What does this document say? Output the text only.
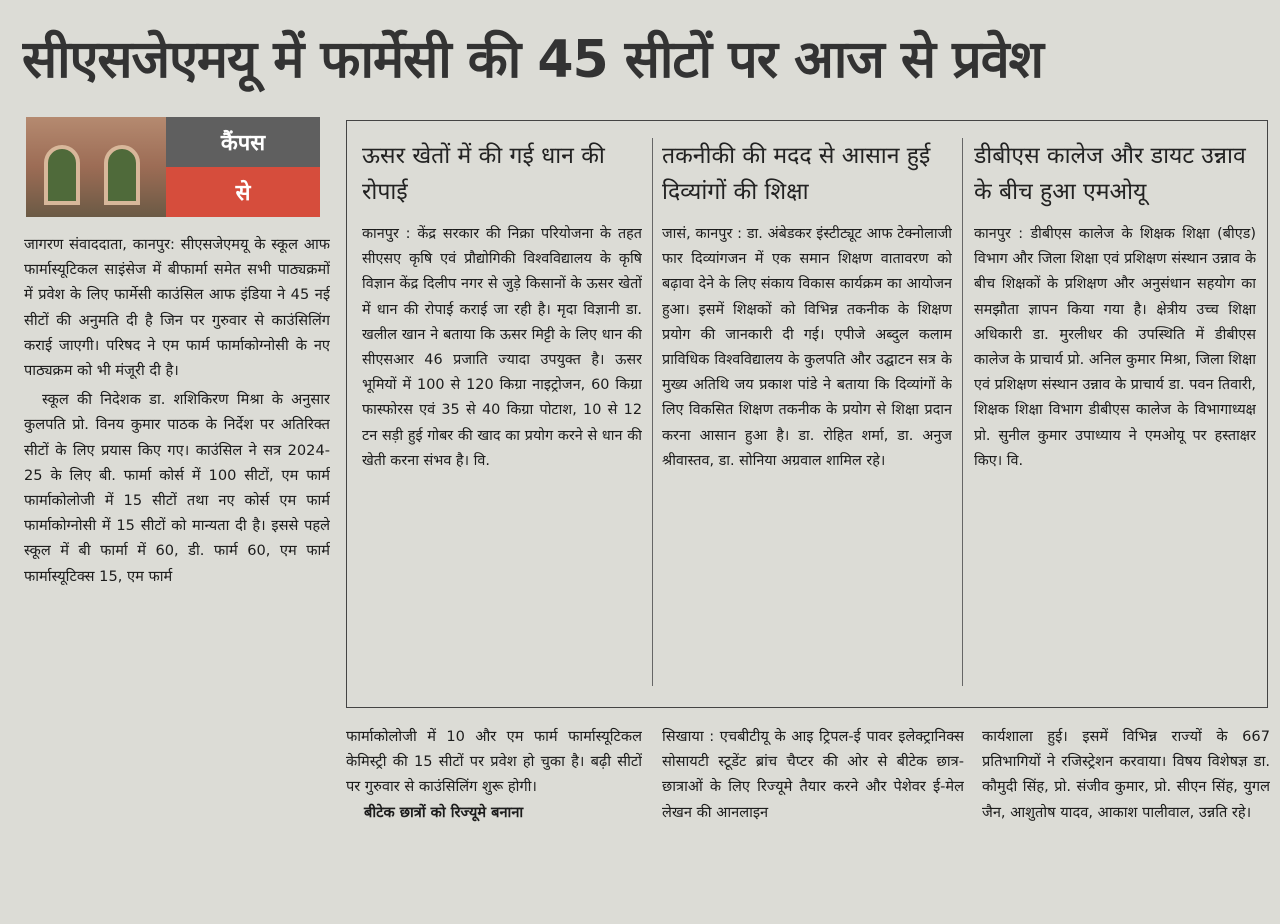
सीएसजेएमयू में फार्मेसी की 45 सीटों पर आज से प्रवेश
कैंपस
से

जागरण संवाददाता, कानपुर: सीएसजेएमयू के स्कूल आफ फार्मास्यूटिकल साइंसेज में बीफार्मा समेत सभी पाठ्यक्रमों में प्रवेश के लिए फार्मेसी काउंसिल आफ इंडिया ने 45 नई सीटों की अनुमति दी है जिन पर गुरुवार से काउंसिलिंग कराई जाएगी। परिषद ने एम फार्म फार्माकोग्नोसी के नए पाठ्यक्रम को भी मंजूरी दी है।

स्कूल की निदेशक डा. शशिकिरण मिश्रा के अनुसार कुलपति प्रो. विनय कुमार पाठक के निर्देश पर अतिरिक्त सीटों के लिए प्रयास किए गए। काउंसिल ने सत्र 2024-25 के लिए बी. फार्मा कोर्स में 100 सीटों, एम फार्म फार्माकोलोजी में 15 सीटों तथा नए कोर्स एम फार्म फार्माकोग्नोसी में 15 सीटों को मान्यता दी है। इससे पहले स्कूल में बी फार्मा में 60, डी. फार्म 60, एम फार्म फार्मास्यूटिक्स 15, एम फार्म

ऊसर खेतों में की गई धान की रोपाई

कानपुर : केंद्र सरकार की निक्रा परियोजना के तहत सीएसए कृषि एवं प्रौद्योगिकी विश्वविद्यालय के कृषि विज्ञान केंद्र दिलीप नगर से जुड़े किसानों के ऊसर खेतों में धान की रोपाई कराई जा रही है। मृदा विज्ञानी डा. खलील खान ने बताया कि ऊसर मिट्टी के लिए धान की सीएसआर 46 प्रजाति ज्यादा उपयुक्त है। ऊसर भूमियों में 100 से 120 किग्रा नाइट्रोजन, 60 किग्रा फास्फोरस एवं 35 से 40 किग्रा पोटाश, 10 से 12 टन सड़ी हुई गोबर की खाद का प्रयोग करने से धान की खेती करना संभव है। वि.

तकनीकी की मदद से आसान हुई दिव्यांगों की शिक्षा

जासं, कानपुर : डा. अंबेडकर इंस्टीट्यूट आफ टेक्नोलाजी फार दिव्यांगजन में एक समान शिक्षण वातावरण को बढ़ावा देने के लिए संकाय विकास कार्यक्रम का आयोजन हुआ। इसमें शिक्षकों को विभिन्न तकनीक के शिक्षण प्रयोग की जानकारी दी गई। एपीजे अब्दुल कलाम प्राविधिक विश्वविद्यालय के कुलपति और उद्घाटन सत्र के मुख्य अतिथि जय प्रकाश पांडे ने बताया कि दिव्यांगों के लिए विकसित शिक्षण तकनीक के प्रयोग से शिक्षा प्रदान करना आसान हुआ है। डा. रोहित शर्मा, डा. अनुज श्रीवास्तव, डा. सोनिया अग्रवाल शामिल रहे।

डीबीएस कालेज और डायट उन्नाव के बीच हुआ एमओयू

कानपुर : डीबीएस कालेज के शिक्षक शिक्षा (बीएड) विभाग और जिला शिक्षा एवं प्रशिक्षण संस्थान उन्नाव के बीच शिक्षकों के प्रशिक्षण और अनुसंधान सहयोग का समझौता ज्ञापन किया गया है। क्षेत्रीय उच्च शिक्षा अधिकारी डा. मुरलीधर की उपस्थिति में डीबीएस कालेज के प्राचार्य प्रो. अनिल कुमार मिश्रा, जिला शिक्षा एवं प्रशिक्षण संस्थान उन्नाव के प्राचार्य डा. पवन तिवारी, शिक्षक शिक्षा विभाग डीबीएस कालेज के विभागाध्यक्ष प्रो. सुनील कुमार उपाध्याय ने एमओयू पर हस्ताक्षर किए। वि.

फार्माकोलोजी में 10 और एम फार्म फार्मास्यूटिकल केमिस्ट्री की 15 सीटों पर प्रवेश हो चुका है। बढ़ी सीटों पर गुरुवार से काउंसिलिंग शुरू होगी।

बीटेक छात्रों को रिज्यूमे बनाना

सिखाया : एचबीटीयू के आइ ट्रिपल-ई पावर इलेक्ट्रानिक्स सोसायटी स्टूडेंट ब्रांच चैप्टर की ओर से बीटेक छात्र-छात्राओं के लिए रिज्यूमे तैयार करने और पेशेवर ई-मेल लेखन की आनलाइन

कार्यशाला हुई। इसमें विभिन्न राज्यों के 667 प्रतिभागियों ने रजिस्ट्रेशन करवाया। विषय विशेषज्ञ डा. कौमुदी सिंह, प्रो. संजीव कुमार, प्रो. सीएन सिंह, युगल जैन, आशुतोष यादव, आकाश पालीवाल, उन्नति रहे।
